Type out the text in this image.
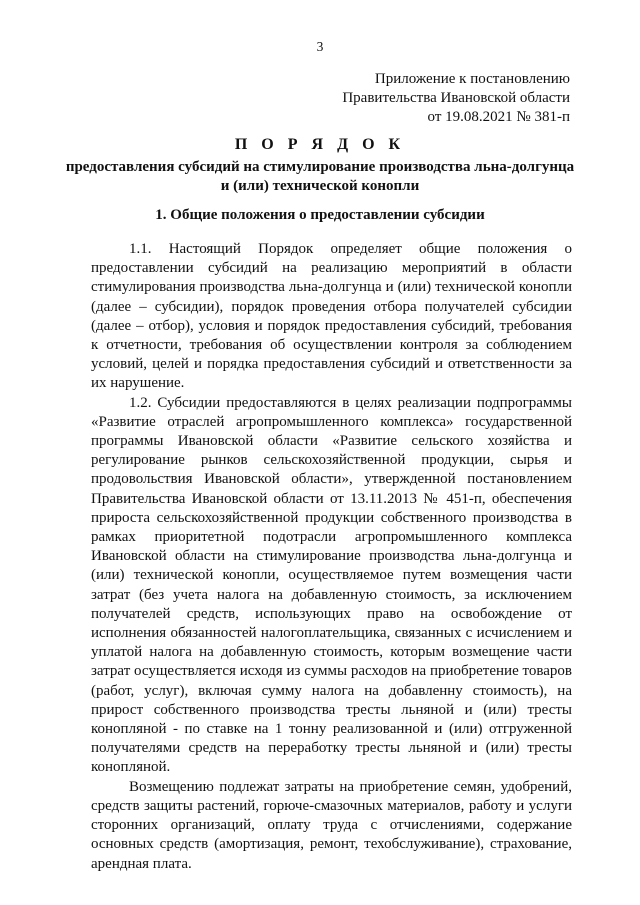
3
Приложение к постановлению
Правительства Ивановской области
от 19.08.2021 № 381-п
П О Р Я Д О К
предоставления субсидий на стимулирование производства льна-долгунца и (или) технической конопли
1. Общие положения о предоставлении субсидии

1.1. Настоящий Порядок определяет общие положения о предоставлении субсидий на реализацию мероприятий в области стимулирования производства льна-долгунца и (или) технической конопли (далее – субсидии), порядок проведения отбора получателей субсидии (далее – отбор), условия и порядок предоставления субсидий, требования к отчетности, требования об осуществлении контроля за соблюдением условий, целей и порядка предоставления субсидий и ответственности за их нарушение.

1.2. Субсидии предоставляются в целях реализации подпрограммы «Развитие отраслей агропромышленного комплекса» государственной программы Ивановской области «Развитие сельского хозяйства и регулирование рынков сельскохозяйственной продукции, сырья и продовольствия Ивановской области», утвержденной постановлением Правительства Ивановской области от 13.11.2013 № 451-п, обеспечения прироста сельскохозяйственной продукции собственного производства в рамках приоритетной подотрасли агропромышленного комплекса Ивановской области на стимулирование производства льна-долгунца и (или) технической конопли, осуществляемое путем возмещения части затрат (без учета налога на добавленную стоимость, за исключением получателей средств, использующих право на освобождение от исполнения обязанностей налогоплательщика, связанных с исчислением и уплатой налога на добавленную стоимость, которым возмещение части затрат осуществляется исходя из суммы расходов на приобретение товаров (работ, услуг), включая сумму налога на добавленну стоимость), на прирост собственного производства тресты льняной и (или) тресты конопляной - по ставке на 1 тонну реализованной и (или) отгруженной получателями средств на переработку тресты льняной и (или) тресты конопляной.

Возмещению подлежат затраты на приобретение семян, удобрений, средств защиты растений, горюче-смазочных материалов, работу и услуги сторонних организаций, оплату труда с отчислениями, содержание основных средств (амортизация, ремонт, техобслуживание), страхование, арендная плата.
